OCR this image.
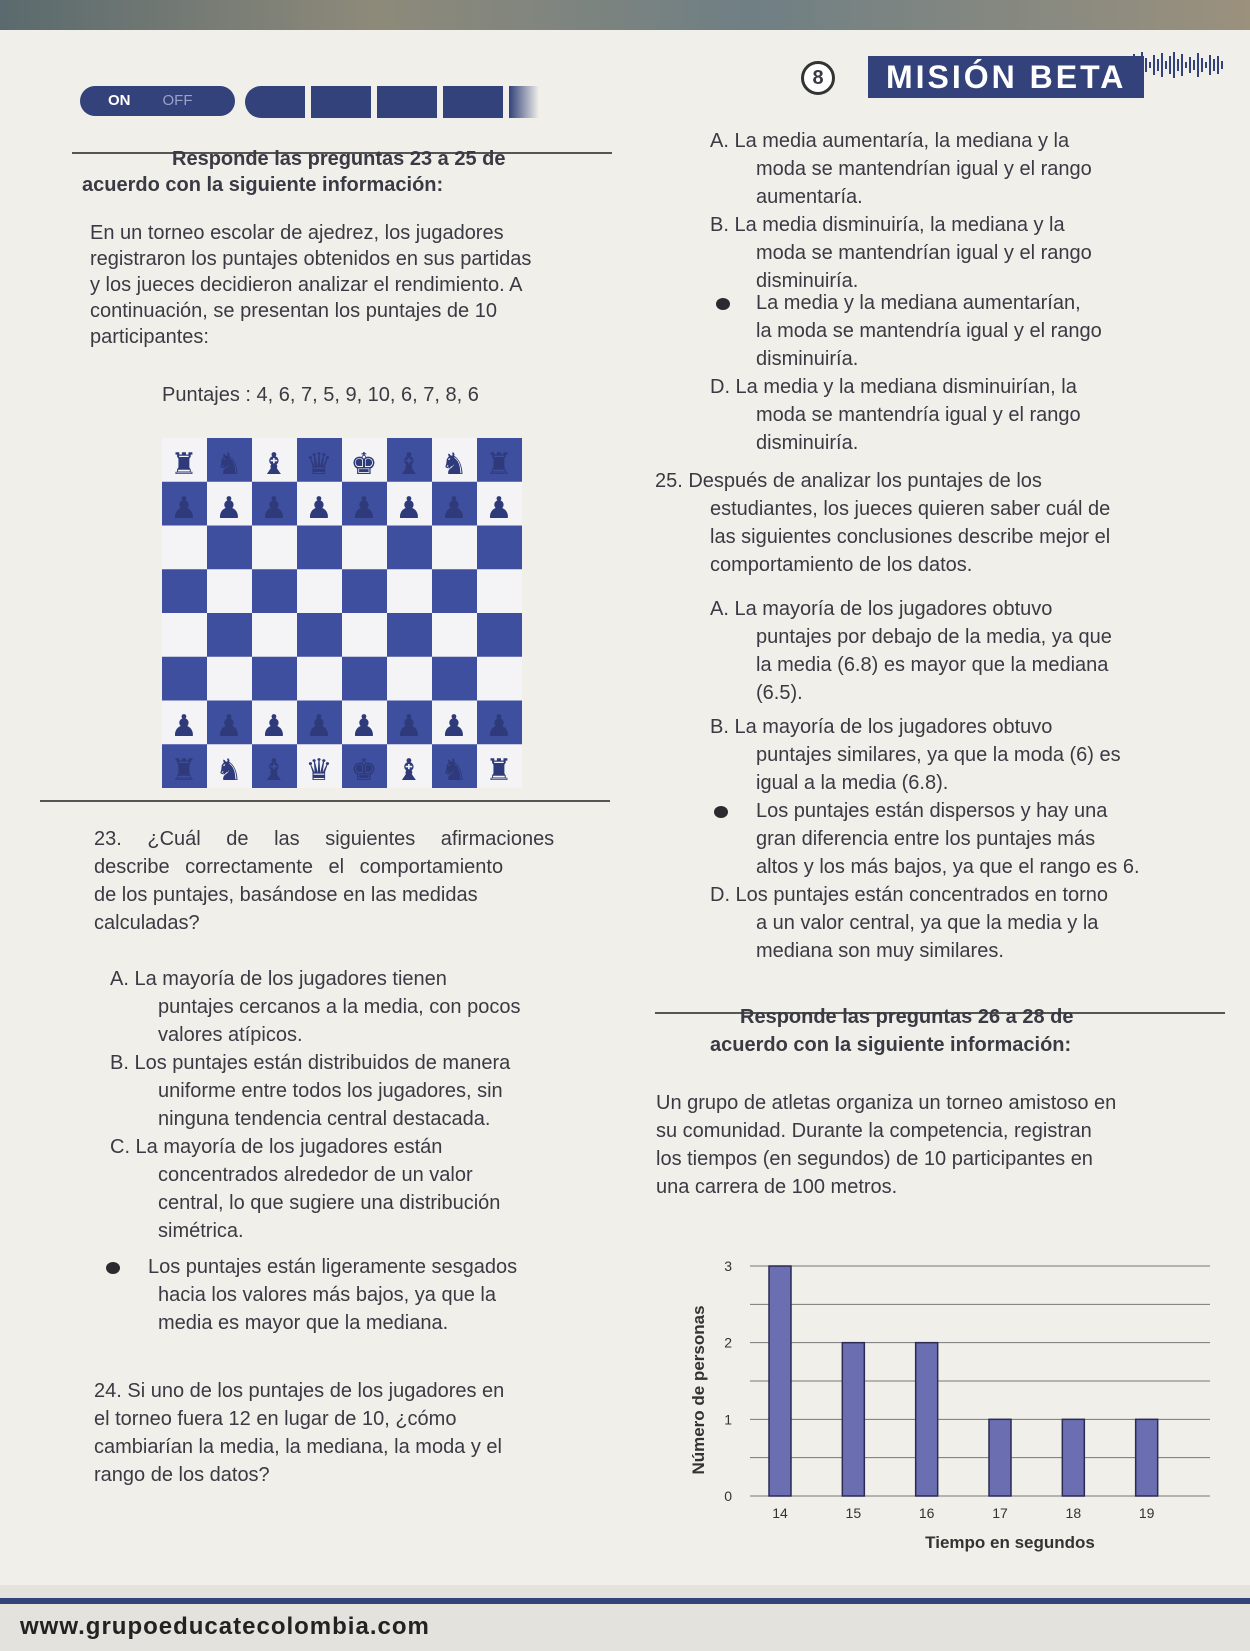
ON OFF
8	MISIÓN BETA
Responde las preguntas 23 a 25 de
acuerdo con la siguiente información:
En un torneo escolar de ajedrez, los jugadores
registraron los puntajes obtenidos en sus partidas
y los jueces decidieron analizar el rendimiento. A
continuación, se presentan los puntajes de 10
participantes:
Puntajes : 4, 6, 7, 5, 9, 10, 6, 7, 8, 6
♜ ♞ ♝ ♛ ♚ ♝ ♞ ♜
♟ ♟ ♟ ♟ ♟ ♟ ♟ ♟
♟ ♟ ♟ ♟ ♟ ♟ ♟ ♟
♜ ♞ ♝ ♛ ♚ ♝ ♞ ♜
23. ¿Cuál de las siguientes afirmaciones
describe correctamente el comportamiento
de los puntajes, basándose en las medidas
calculadas?
A. La mayoría de los jugadores tienen
puntajes cercanos a la media, con pocos
valores atípicos.
B. Los puntajes están distribuidos de manera
uniforme entre todos los jugadores, sin
ninguna tendencia central destacada.
C. La mayoría de los jugadores están
concentrados alrededor de un valor
central, lo que sugiere una distribución
simétrica.
Los puntajes están ligeramente sesgados
hacia los valores más bajos, ya que la
media es mayor que la mediana.
24. Si uno de los puntajes de los jugadores en
el torneo fuera 12 en lugar de 10, ¿cómo
cambiarían la media, la mediana, la moda y el
rango de los datos?
A. La media aumentaría, la mediana y la
moda se mantendrían igual y el rango
aumentaría.
B. La media disminuiría, la mediana y la
moda se mantendrían igual y el rango
disminuiría.
La media y la mediana aumentarían,
la moda se mantendría igual y el rango
disminuiría.
D. La media y la mediana disminuirían, la
moda se mantendría igual y el rango
disminuiría.
25. Después de analizar los puntajes de los
estudiantes, los jueces quieren saber cuál de
las siguientes conclusiones describe mejor el
comportamiento de los datos.
A. La mayoría de los jugadores obtuvo
puntajes por debajo de la media, ya que
la media (6.8) es mayor que la mediana
(6.5).
B. La mayoría de los jugadores obtuvo
puntajes similares, ya que la moda (6) es
igual a la media (6.8).
Los puntajes están dispersos y hay una
gran diferencia entre los puntajes más
altos y los más bajos, ya que el rango es 6.
D. Los puntajes están concentrados en torno
a un valor central, ya que la media y la
mediana son muy similares.
Responde las preguntas 26 a 28 de
acuerdo con la siguiente información:
Un grupo de atletas organiza un torneo amistoso en
su comunidad. Durante la competencia, registran
los tiempos (en segundos) de 10 participantes en
una carrera de 100 metros.
0
1
2
3
14	15	16	17	18	19
Número de personas
Tiempo en segundos
www.grupoeducatecolombia.com
